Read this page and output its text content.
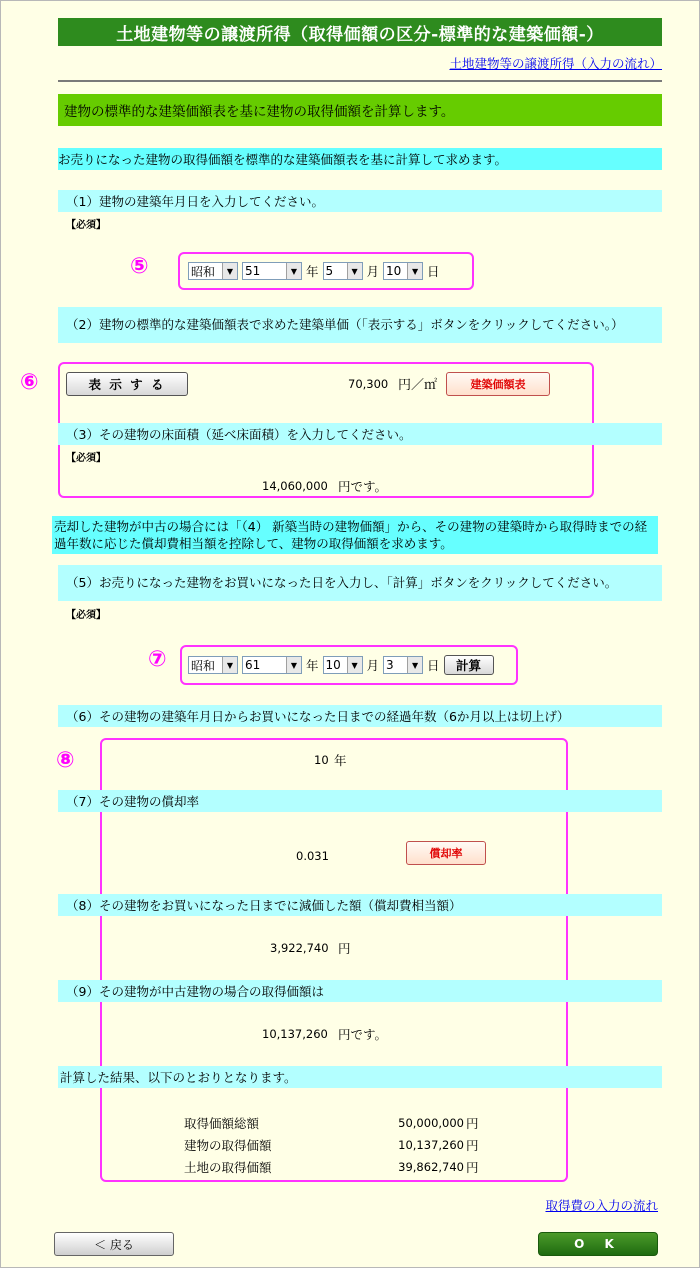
土地建物等の譲渡所得（取得価額の区分-標準的な建築価額-）
土地建物等の譲渡所得（入力の流れ）
建物の標準的な建築価額表を基に建物の取得価額を計算します。
お売りになった建物の取得価額を標準的な建築価額表を基に計算して求めます。
（1）建物の建築年月日を入力してください。
【必須】
⑤	昭和	▼ 51	▼ 年 5	▼ 月 10	▼ 日
（2）建物の標準的な建築価額表で求めた建築単価（「表示する」ボタンをクリックしてください。）
⑥	表 示 す る	70,300 円／㎡	建築価額表
（3）その建物の床面積（延べ床面積）を入力してください。
【必須】
14,060,000 円です。
売却した建物が中古の場合には「（4） 新築当時の建物価額」から、その建物の建築時から取得時までの経過年数に応じた償却費相当額を控除して、建物の取得価額を求めます。
（5）お売りになった建物をお買いになった日を入力し、「計算」ボタンをクリックしてください。
【必須】
⑦ 昭和	▼ 61	▼ 年 10	▼ 月 3	▼ 日	計算
（6）その建物の建築年月日からお買いになった日までの経過年数（6か月以上は切上げ）
⑧	10 年
（7）その建物の償却率
0.031	償却率
（8）その建物をお買いになった日までに減価した額（償却費相当額）
3,922,740 円
（9）その建物が中古建物の場合の取得価額は
10,137,260 円です。
計算した結果、以下のとおりとなります。
取得価額総額	50,000,000 円
建物の取得価額	10,137,260 円
土地の取得価額	39,862,740 円
取得費の入力の流れ
＜ 戻る	O K
